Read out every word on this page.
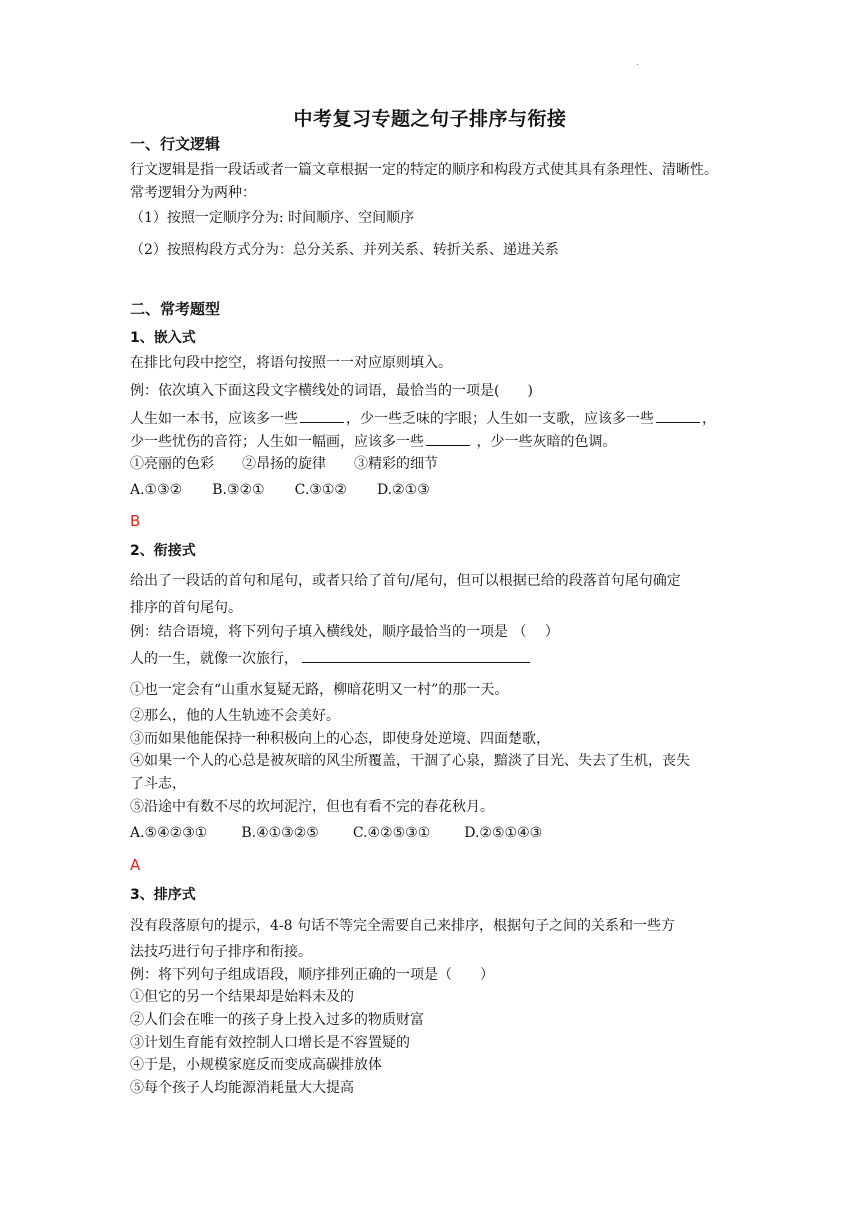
.
中考复习专题之句子排序与衔接
一、行文逻辑
行文逻辑是指一段话或者一篇文章根据一定的特定的顺序和构段方式使其具有条理性、清晰性。
常考逻辑分为两种：
（1）按照一定顺序分为: 时间顺序、空间顺序
（2）按照构段方式分为：总分关系、并列关系、转折关系、递进关系
二、常考题型
1、嵌入式
在排比句段中挖空，将语句按照一一对应原则填入。
例：依次填入下面这段文字横线处的词语，最恰当的一项是(　　)
人生如一本书，应该多一些	，少一些乏味的字眼；人生如一支歌，应该多一些	，
少一些忧伤的音符；人生如一幅画，应该多一些	，少一些灰暗的色调。
①亮丽的色彩　　②昂扬的旋律　　③精彩的细节
A.①③② B.③②① C.③①② D.②①③
B
2、衔接式
给出了一段话的首句和尾句，或者只给了首句/尾句，但可以根据已给的段落首句尾句确定
排序的首句尾句。
例：结合语境，将下列句子填入横线处，顺序最恰当的一项是 （　 ）
人的一生，就像一次旅行，
①也一定会有“山重水复疑无路，柳暗花明又一村”的那一天。
②那么，他的人生轨迹不会美好。
③而如果他能保持一种积极向上的心态，即使身处逆境、四面楚歌，
④如果一个人的心总是被灰暗的风尘所覆盖，干涸了心泉，黯淡了目光、失去了生机，丧失
了斗志，
⑤沿途中有数不尽的坎坷泥泞，但也有看不完的春花秋月。
A.⑤④②③① B.④①③②⑤ C.④②⑤③① D.②⑤①④③
A
3、排序式
没有段落原句的提示，4-8 句话不等完全需要自己来排序，根据句子之间的关系和一些方
法技巧进行句子排序和衔接。
例：将下列句子组成语段，顺序排列正确的一项是（　　）
①但它的另一个结果却是始料未及的
②人们会在唯一的孩子身上投入过多的物质财富
③计划生育能有效控制人口增长是不容置疑的
④于是，小规模家庭反而变成高碳排放体
⑤每个孩子人均能源消耗量大大提高
